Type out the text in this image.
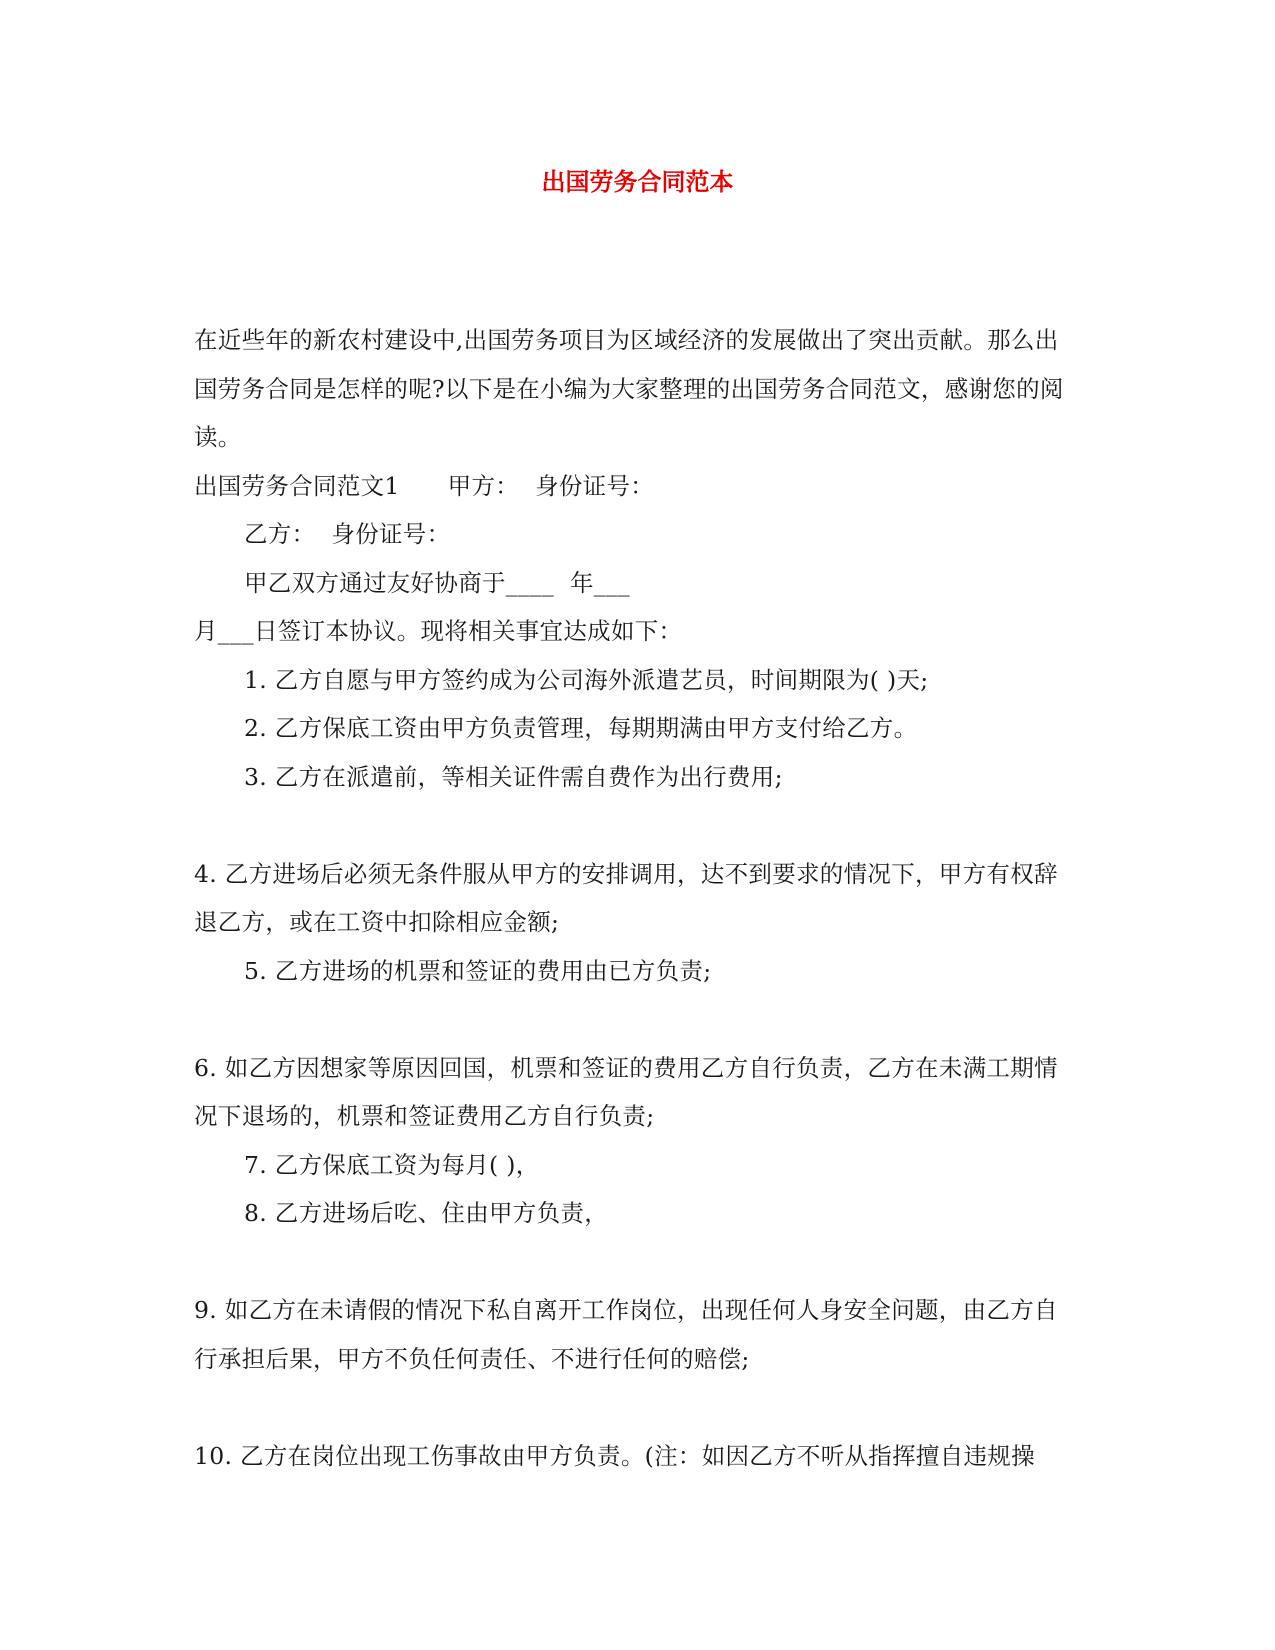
出国劳务合同范本

在近些年的新农村建设中,出国劳务项目为区域经济的发展做出了突出贡献。那么出国劳务合同是怎样的呢?以下是在小编为大家整理的出国劳务合同范文，感谢您的阅读。

出国劳务合同范文1 甲方： 身份证号：

乙方： 身份证号：

甲乙双方通过友好协商于____ 年___

月___日签订本协议。现将相关事宜达成如下：

1. 乙方自愿与甲方签约成为公司海外派遣艺员，时间期限为( )天;

2. 乙方保底工资由甲方负责管理，每期期满由甲方支付给乙方。

3. 乙方在派遣前，等相关证件需自费作为出行费用;

4. 乙方进场后必须无条件服从甲方的安排调用，达不到要求的情况下，甲方有权辞退乙方，或在工资中扣除相应金额;

5. 乙方进场的机票和签证的费用由已方负责;

6. 如乙方因想家等原因回国，机票和签证的费用乙方自行负责，乙方在未满工期情况下退场的，机票和签证费用乙方自行负责;

7. 乙方保底工资为每月( )，

8. 乙方进场后吃、住由甲方负责，

9. 如乙方在未请假的情况下私自离开工作岗位，出现任何人身安全问题，由乙方自行承担后果，甲方不负任何责任、不进行任何的赔偿;

10. 乙方在岗位出现工伤事故由甲方负责。(注：如因乙方不听从指挥擅自违规操
